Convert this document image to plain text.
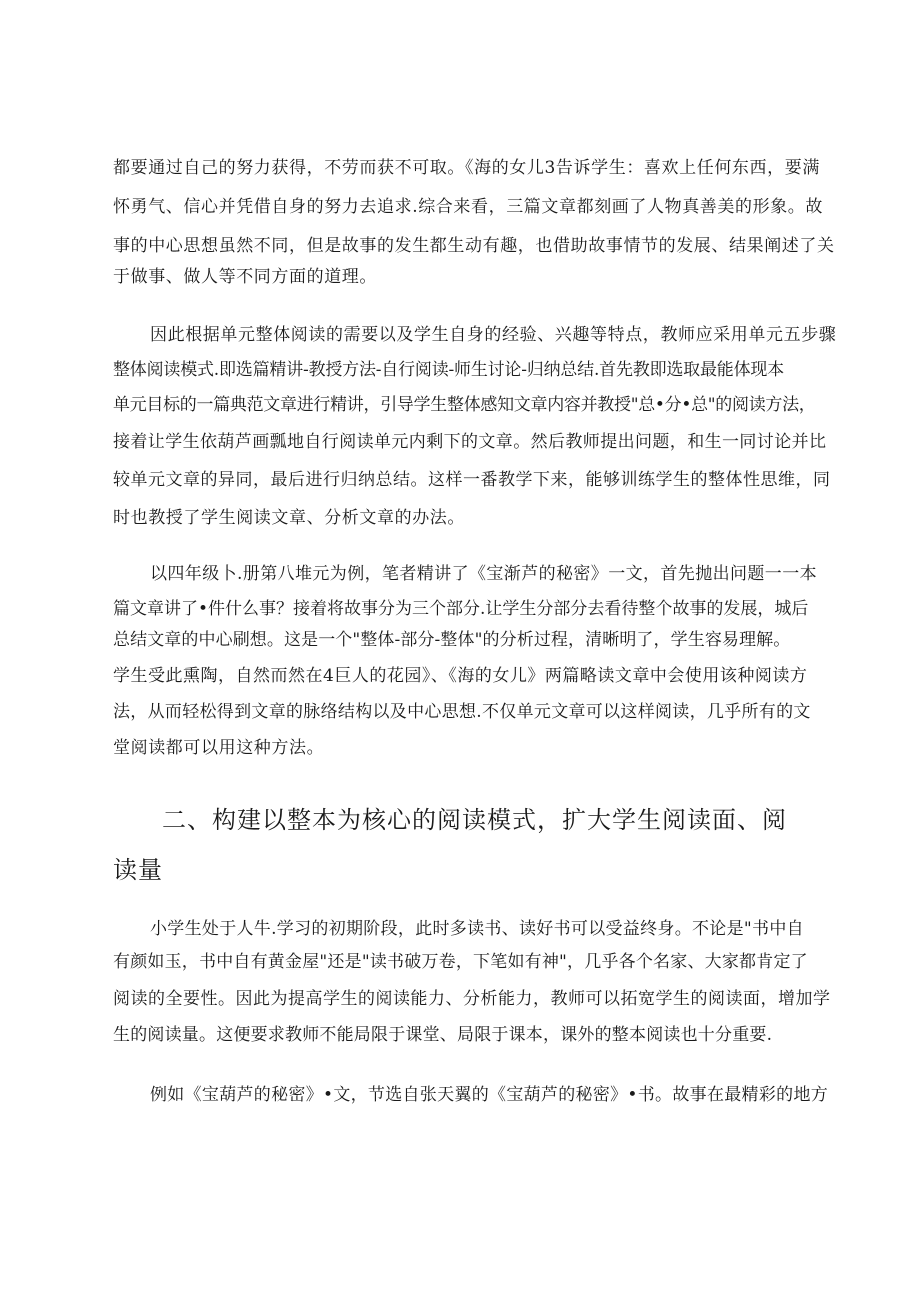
都要通过自己的努力获得，不劳而获不可取。《海的女儿3告诉学生：喜欢上任何东西，要满
怀勇气、信心并凭借自身的努力去追求.综合来看，三篇文章都刻画了人物真善美的形象。故
事的中心思想虽然不同，但是故事的发生都生动有趣，也借助故事情节的发展、结果阐述了关
于做事、做人等不同方面的道理。
因此根据单元整体阅读的需要以及学生自身的经验、兴趣等特点，教师应采用单元五步骤
整体阅读模式.即选篇精讲-教授方法-自行阅读-师生讨论-归纳总结.首先教即选取最能体现本
单元目标的一篇典范文章进行精讲，引导学生整体感知文章内容并教授"总•分•总"的阅读方法，
接着让学生依葫芦画瓢地自行阅读单元内剩下的文章。然后教师提出问题，和生一同讨论并比
较单元文章的异同，最后进行归纳总结。这样一番教学下来，能够训练学生的整体性思维，同
时也教授了学生阅读文章、分析文章的办法。
以四年级卜.册第八堆元为例，笔者精讲了《宝渐芦的秘密》一文，首先抛出问题一一本
篇文章讲了•件什么事？接着将故事分为三个部分.让学生分部分去看待整个故事的发展，城后
总结文章的中心刷想。这是一个"整体-部分-整体"的分析过程，清晰明了，学生容易理解。
学生受此熏陶，自然而然在4巨人的花园》、《海的女儿》两篇略读文章中会使用该种阅读方
法，从而轻松得到文章的脉络结构以及中心思想.不仅单元文章可以这样阅读，几乎所有的文
堂阅读都可以用这种方法。
二、构建以整本为核心的阅读模式，扩大学生阅读面、阅
读量
小学生处于人牛.学习的初期阶段，此时多读书、读好书可以受益终身。不论是"书中自
有颜如玉，书中自有黄金屋"还是"读书破万卷，下笔如有神"，几乎各个名家、大家都肯定了
阅读的全要性。因此为提高学生的阅读能力、分析能力，教师可以拓宽学生的阅读面，增加学
生的阅读量。这便要求教师不能局限于课堂、局限于课本，课外的整本阅读也十分重要.
例如《宝葫芦的秘密》•文，节选自张天翼的《宝葫芦的秘密》•书。故事在最精彩的地方
